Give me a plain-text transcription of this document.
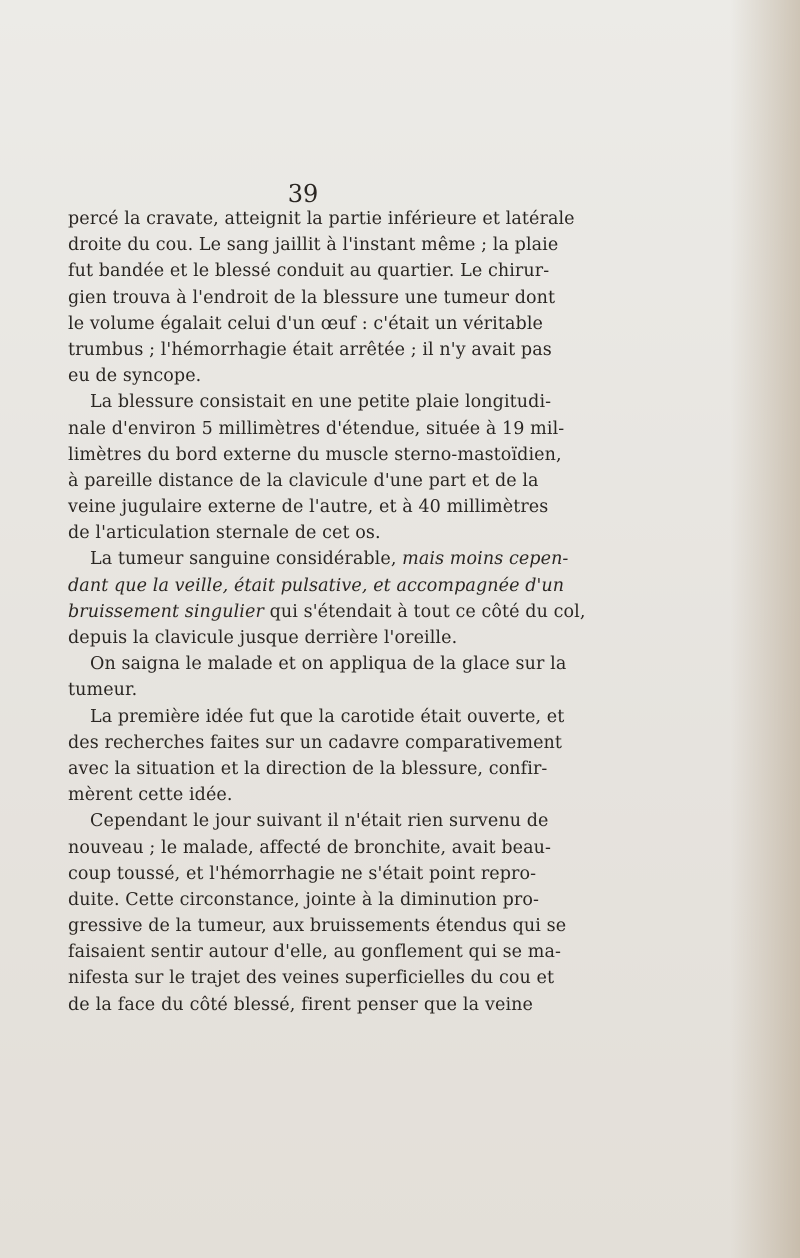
39
percé la cravate, atteignit la partie inférieure et latérale
droite du cou. Le sang jaillit à l'instant même ; la plaie
fut bandée et le blessé conduit au quartier. Le chirur-
gien trouva à l'endroit de la blessure une tumeur dont
le volume égalait celui d'un œuf : c'était un véritable
trumbus ; l'hémorrhagie était arrêtée ; il n'y avait pas
eu de syncope.
La blessure consistait en une petite plaie longitudi-
nale d'environ 5 millimètres d'étendue, située à 19 mil-
limètres du bord externe du muscle sterno-mastoïdien,
à pareille distance de la clavicule d'une part et de la
veine jugulaire externe de l'autre, et à 40 millimètres
de l'articulation sternale de cet os.
La tumeur sanguine considérable, mais moins cepen-
dant que la veille, était pulsative, et accompagnée d'un
bruissement singulier qui s'étendait à tout ce côté du col,
depuis la clavicule jusque derrière l'oreille.
On saigna le malade et on appliqua de la glace sur la
tumeur.
La première idée fut que la carotide était ouverte, et
des recherches faites sur un cadavre comparativement
avec la situation et la direction de la blessure, confir-
mèrent cette idée.
Cependant le jour suivant il n'était rien survenu de
nouveau ; le malade, affecté de bronchite, avait beau-
coup toussé, et l'hémorrhagie ne s'était point repro-
duite. Cette circonstance, jointe à la diminution pro-
gressive de la tumeur, aux bruissements étendus qui se
faisaient sentir autour d'elle, au gonflement qui se ma-
nifesta sur le trajet des veines superficielles du cou et
de la face du côté blessé, firent penser que la veine
